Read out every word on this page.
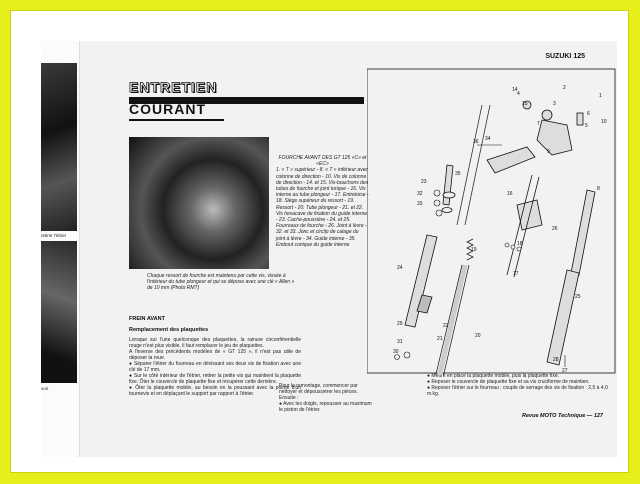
retirer l'étrier
voir
SUZUKI 125
ENTRETIEN
COURANT
Chaque ressort de fourche est maintenu par cette vis, vissée à l'intérieur du tube plongeur et qui se dépose avec une clé « Allen » de 10 mm (Photo RMT)
FOURCHE AVANT DES GT 125 «C» et «EC»
1. « T » supérieur - 8. « T » inférieur avec colonne de direction - 10. Vis de colonne de direction - 14. et 15. Vis-bouchons des tubes de fourche et joint torique - 16. Vis interne au tube plongeur - 17. Entretoise - 18. Siège supérieur du ressort - 19. Ressort - 20. Tube plongeur - 21. et 22. Vis hexacave de fixation du guide interne - 23. Cache-poussière - 24. et 25. Fourreaux de fourche - 26. Joint à lèvre - 32. et 33. Jonc et circlip de calage du joint à lèvre - 34. Guide interne - 35. Embout conique du guide interne
FREIN AVANT
Remplacement des plaquettes

Lorsque sur l'une quelconque des plaquettes, la rainure circonférentielle rouge n'est plus visible, il faut remplacer le jeu de plaquettes.

A l'inverse des précédents modèles de « GT 125 », il n'est pas utile de déposer la roue.

● Séparer l'étrier du fourreau en dévissant ses deux vis de fixation avec une clé de 17 mm.

● Sur le côté intérieur de l'étrier, retirer la petite vis qui maintient la plaquette fixe. Ôter le couvercle de plaquette fixe et récupérer cette dernière.

● Ôter la plaquette mobile, au besoin en la poussant avec la pointe d'un tournevis et en déplaçant le support par rapport à l'étrier.

Pour le remontage, commencer par nettoyer et dépoussiérer les pièces. Ensuite :

● Avec les doigts, repousser au maximum le piston de l'étrier.

● Mettre en place la plaquette mobile, puis la plaquette fixe.

● Reposer le couvercle de plaquette fixe et sa vis cruciforme de maintien.

● Reposer l'étrier sur le fourreau ; couple de serrage des vis de fixation : 2,5 à 4,0 m.kg.

1
2
3
4
5
6
7
8
9
10
14
15
16
17
18
19
20
21
22
23
24
25
26
27
28
29
30
31
32
33
34
35
36
Revue MOTO Technique — 127
